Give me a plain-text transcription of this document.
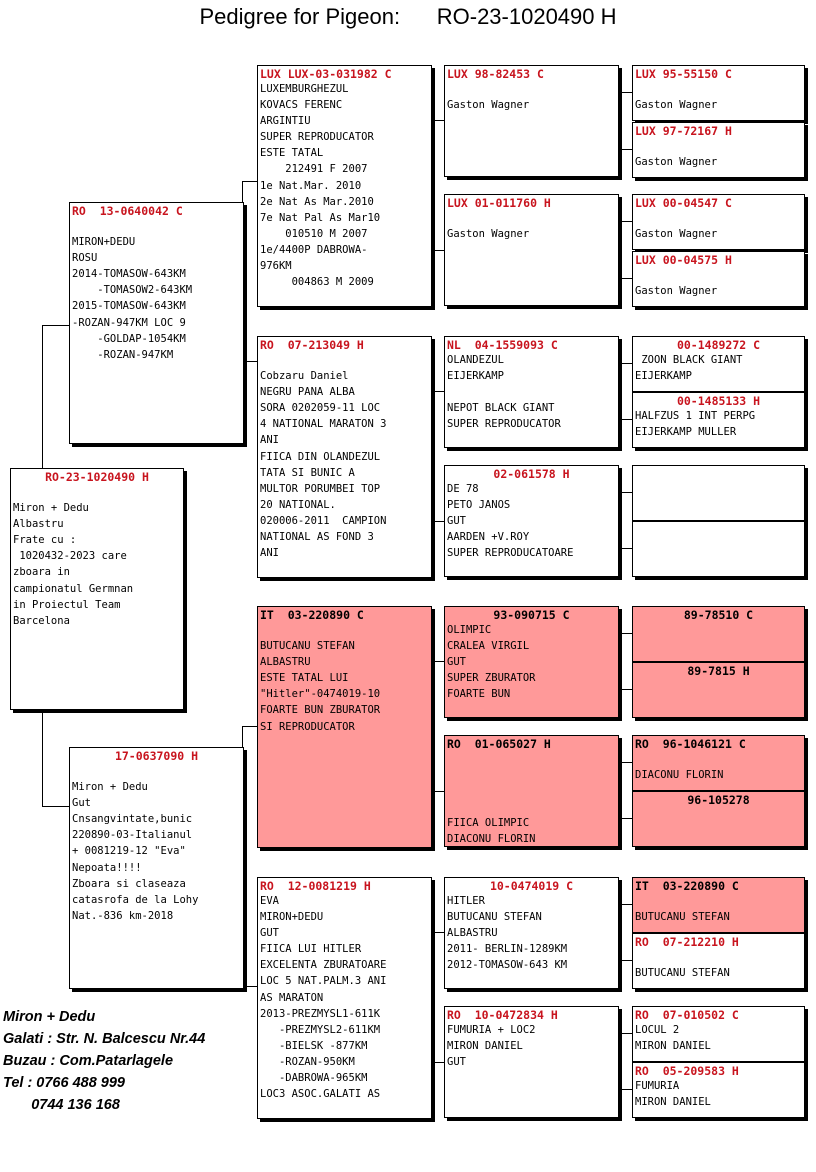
Pedigree for Pigeon:      RO-23-1020490 H
RO-23-1020490 H

Miron + Dedu
Albastru
Frate cu :
1020432-2023 care
zboara in
campionatul Germnan
in Proiectul Team
Barcelona
RO  13-0640042 C

MIRON+DEDU
ROSU
2014-TOMASOW-643KM
-TOMASOW2-643KM
2015-TOMASOW-643KM
-ROZAN-947KM LOC 9
-GOLDAP-1054KM
-ROZAN-947KM
17-0637090 H

Miron + Dedu
Gut
Cnsangvintate,bunic
220890-03-Italianul
+ 0081219-12 "Eva"
Nepoata!!!!
Zboara si claseaza
catasrofa de la Lohy
Nat.-836 km-2018
LUX LUX-03-031982 C
LUXEMBURGHEZUL
KOVACS FERENC
ARGINTIU
SUPER REPRODUCATOR
ESTE TATAL
212491 F 2007
1e Nat.Mar. 2010
2e Nat As Mar.2010
7e Nat Pal As Mar10
010510 M 2007
1e/4400P DABROWA-
976KM
004863 M 2009
RO  07-213049 H

Cobzaru Daniel
NEGRU PANA ALBA
SORA 0202059-11 LOC
4 NATIONAL MARATON 3
ANI
FIICA DIN OLANDEZUL
TATA SI BUNIC A
MULTOR PORUMBEI TOP
20 NATIONAL.
020006-2011  CAMPION
NATIONAL AS FOND 3
ANI
IT  03-220890 C

BUTUCANU STEFAN
ALBASTRU
ESTE TATAL LUI
"Hitler"-0474019-10
FOARTE BUN ZBURATOR
SI REPRODUCATOR
RO  12-0081219 H
EVA
MIRON+DEDU
GUT
FIICA LUI HITLER
EXCELENTA ZBURATOARE
LOC 5 NAT.PALM.3 ANI
AS MARATON
2013-PREZMYSL1-611K
-PREZMYSL2-611KM
-BIELSK -877KM
-ROZAN-950KM
-DABROWA-965KM
LOC3 ASOC.GALATI AS
LUX 98-82453 C

Gaston Wagner
LUX 01-011760 H

Gaston Wagner
NL  04-1559093 C
OLANDEZUL
EIJERKAMP

NEPOT BLACK GIANT
SUPER REPRODUCATOR
02-061578 H
DE 78
PETO JANOS
GUT
AARDEN +V.ROY
SUPER REPRODUCATOARE
93-090715 C
OLIMPIC
CRALEA VIRGIL
GUT
SUPER ZBURATOR
FOARTE BUN
RO  01-065027 H

FIICA OLIMPIC
DIACONU FLORIN
10-0474019 C
HITLER
BUTUCANU STEFAN
ALBASTRU
2011- BERLIN-1289KM
2012-TOMASOW-643 KM
RO  10-0472834 H
FUMURIA + LOC2
MIRON DANIEL
GUT
LUX 95-55150 C

Gaston Wagner
LUX 97-72167 H

Gaston Wagner
LUX 00-04547 C

Gaston Wagner
LUX 00-04575 H

Gaston Wagner
00-1489272 C
ZOON BLACK GIANT
EIJERKAMP
00-1485133 H
HALFZUS 1 INT PERPG
EIJERKAMP MULLER
89-78510 C
89-7815 H
RO  96-1046121 C

DIACONU FLORIN
96-105278
IT  03-220890 C

BUTUCANU STEFAN
RO  07-212210 H

BUTUCANU STEFAN
RO  07-010502 C
LOCUL 2
MIRON DANIEL
RO  05-209583 H
FUMURIA
MIRON DANIEL
Miron + Dedu
Galati : Str. N. Balcescu Nr.44
Buzau : Com.Patarlagele
Tel : 0766 488 999
0744 136 168
